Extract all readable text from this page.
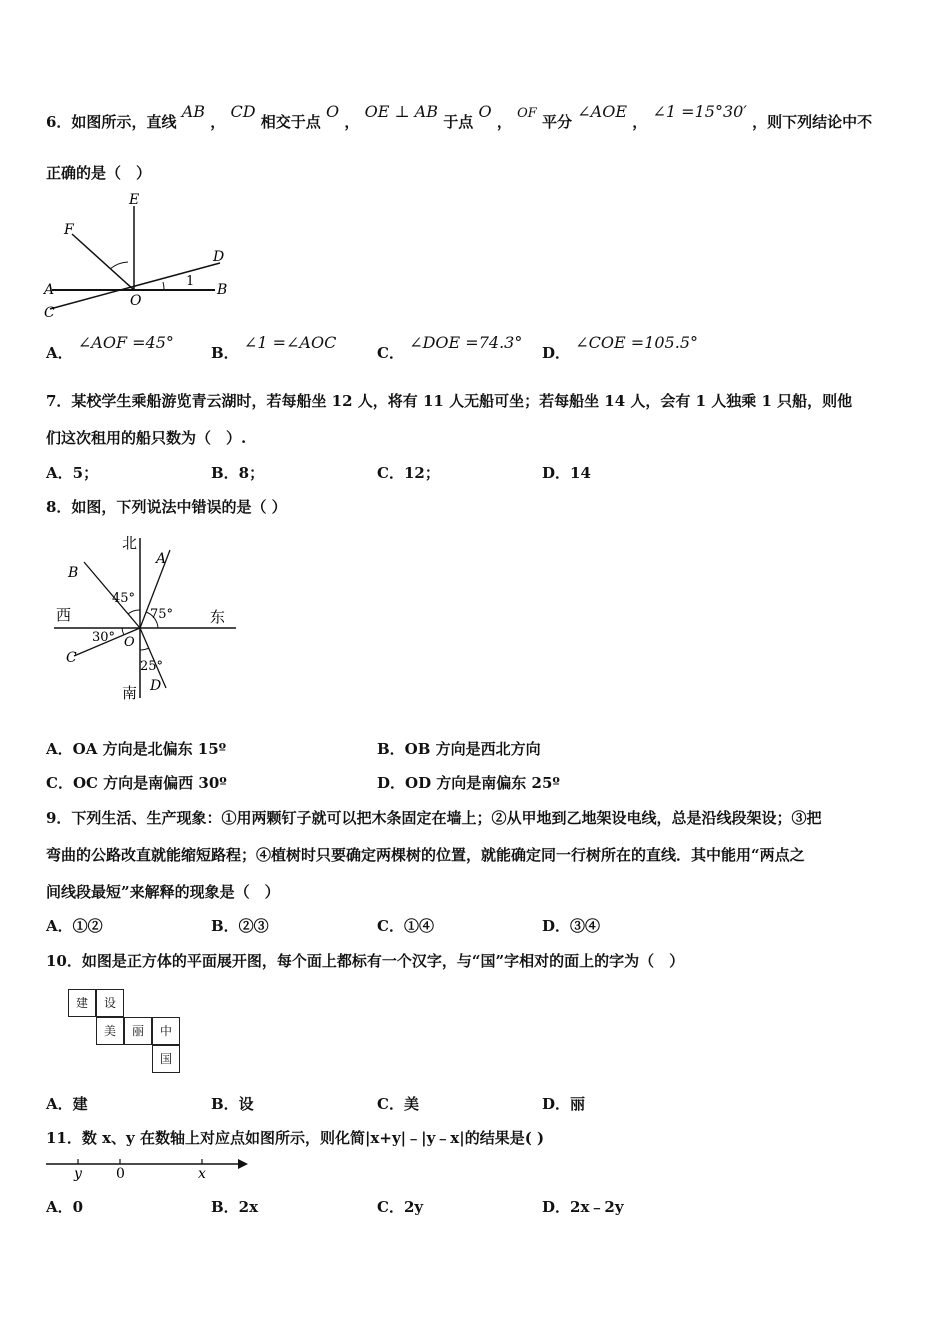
6．如图所示，直线 AB ， CD 相交于点 O ， OE ⊥ AB 于点 O ， OF 平分 ∠AOE ， ∠1 =15°30′ ，则下列结论中不
正确的是（　）
E
F
D
A	B
C
O
1
A． ∠AOF =45°
B． ∠1 =∠AOC
C． ∠DOE =74.3°
D． ∠COE =105.5°
7．某校学生乘船游览青云湖时，若每船坐 12 人，将有 11 人无船可坐；若每船坐 14 人，会有 1 人独乘 1 只船，则他
们这次租用的船只数为（　）.
A．5；	B．8；	C．12；	D．14
8．如图，下列说法中错误的是（ ）
北
南
西	东
A
B
C
D
O
45°
75°
30°
25°
A．OA 方向是北偏东 15º	B．OB 方向是西北方向
C．OC 方向是南偏西 30º	D．OD 方向是南偏东 25º
9．下列生活、生产现象：①用两颗钉子就可以把木条固定在墙上；②从甲地到乙地架设电线，总是沿线段架设；③把
弯曲的公路改直就能缩短路程；④植树时只要确定两棵树的位置，就能确定同一行树所在的直线．其中能用“两点之
间线段最短”来解释的现象是（　）
A．①②	B．②③	C．①④	D．③④
10．如图是正方体的平面展开图，每个面上都标有一个汉字，与“国”字相对的面上的字为（　）
建	设
美	丽	中
国
A．建	B．设	C．美	D．丽
11．数 x、y 在数轴上对应点如图所示，则化简|x+y|﹣|y﹣x|的结果是( )
y 0	x
A．0	B．2x	C．2y	D．2x﹣2y
